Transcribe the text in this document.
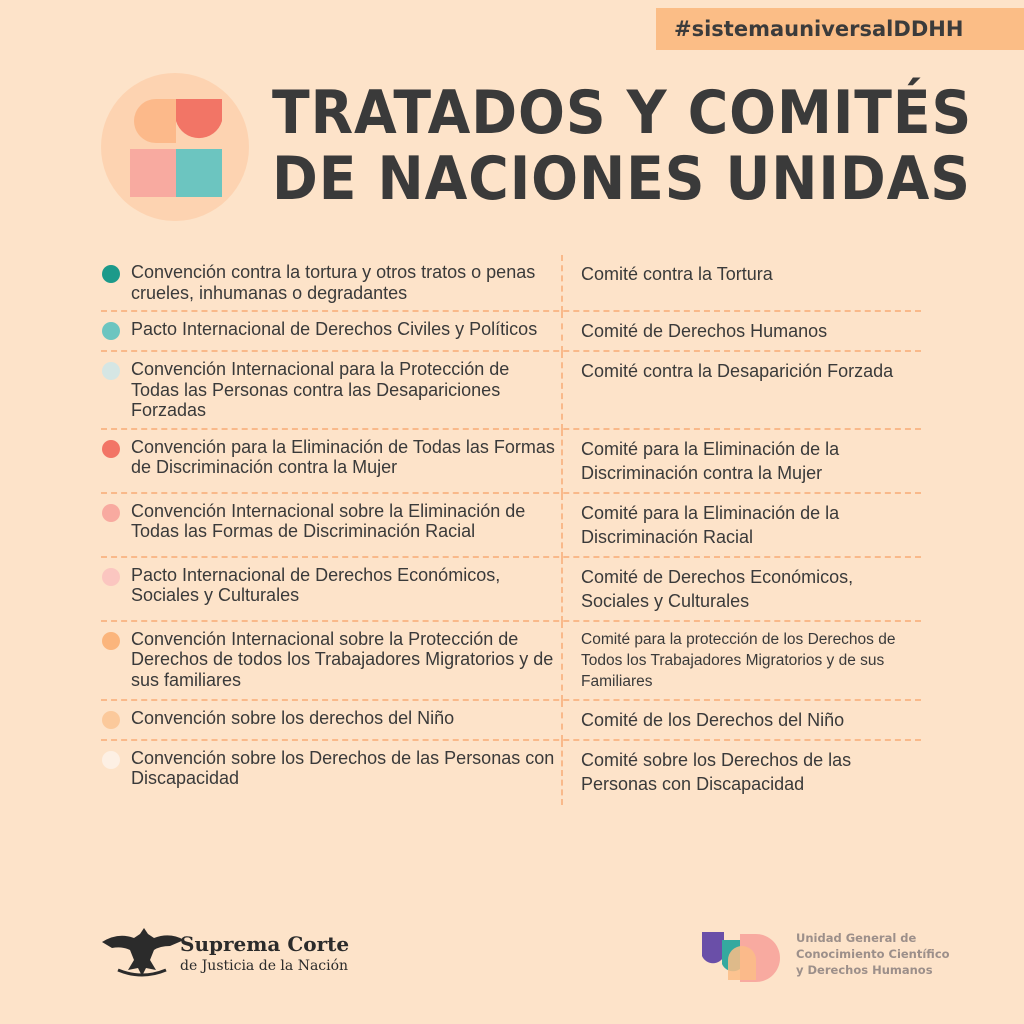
#sistemauniversalDDHH
TRATADOS Y COMITÉS
DE NACIONES UNIDAS
Convención contra la tortura y otros tratos o penas crueles, inhumanas o degradantes
Comité contra la Tortura
Pacto Internacional de Derechos Civiles y Políticos	Comité de Derechos Humanos
Convención Internacional para la Protección de Todas las Personas contra las Desapariciones Forzadas
Comité contra la Desaparición Forzada
Convención para la Eliminación de Todas las Formas de Discriminación contra la Mujer
Comité para la Eliminación de la Discriminación contra la Mujer
Convención Internacional sobre la Eliminación de Todas las Formas de Discriminación Racial
Comité para la Eliminación de la Discriminación Racial
Pacto Internacional de Derechos Económicos, Sociales y Culturales
Comité de Derechos Económicos, Sociales y Culturales
Convención Internacional sobre la Protección de Derechos de todos los Trabajadores Migratorios y de sus familiares
Comité para la protección de los Derechos de Todos los Trabajadores Migratorios y de sus Familiares
Convención sobre los derechos del Niño	Comité de los Derechos del Niño
Convención sobre los Derechos de las Personas con Discapacidad
Comité sobre los Derechos de las Personas con Discapacidad
Suprema Corte
de Justicia de la Nación
Unidad General de
Conocimiento Científico
y Derechos Humanos
